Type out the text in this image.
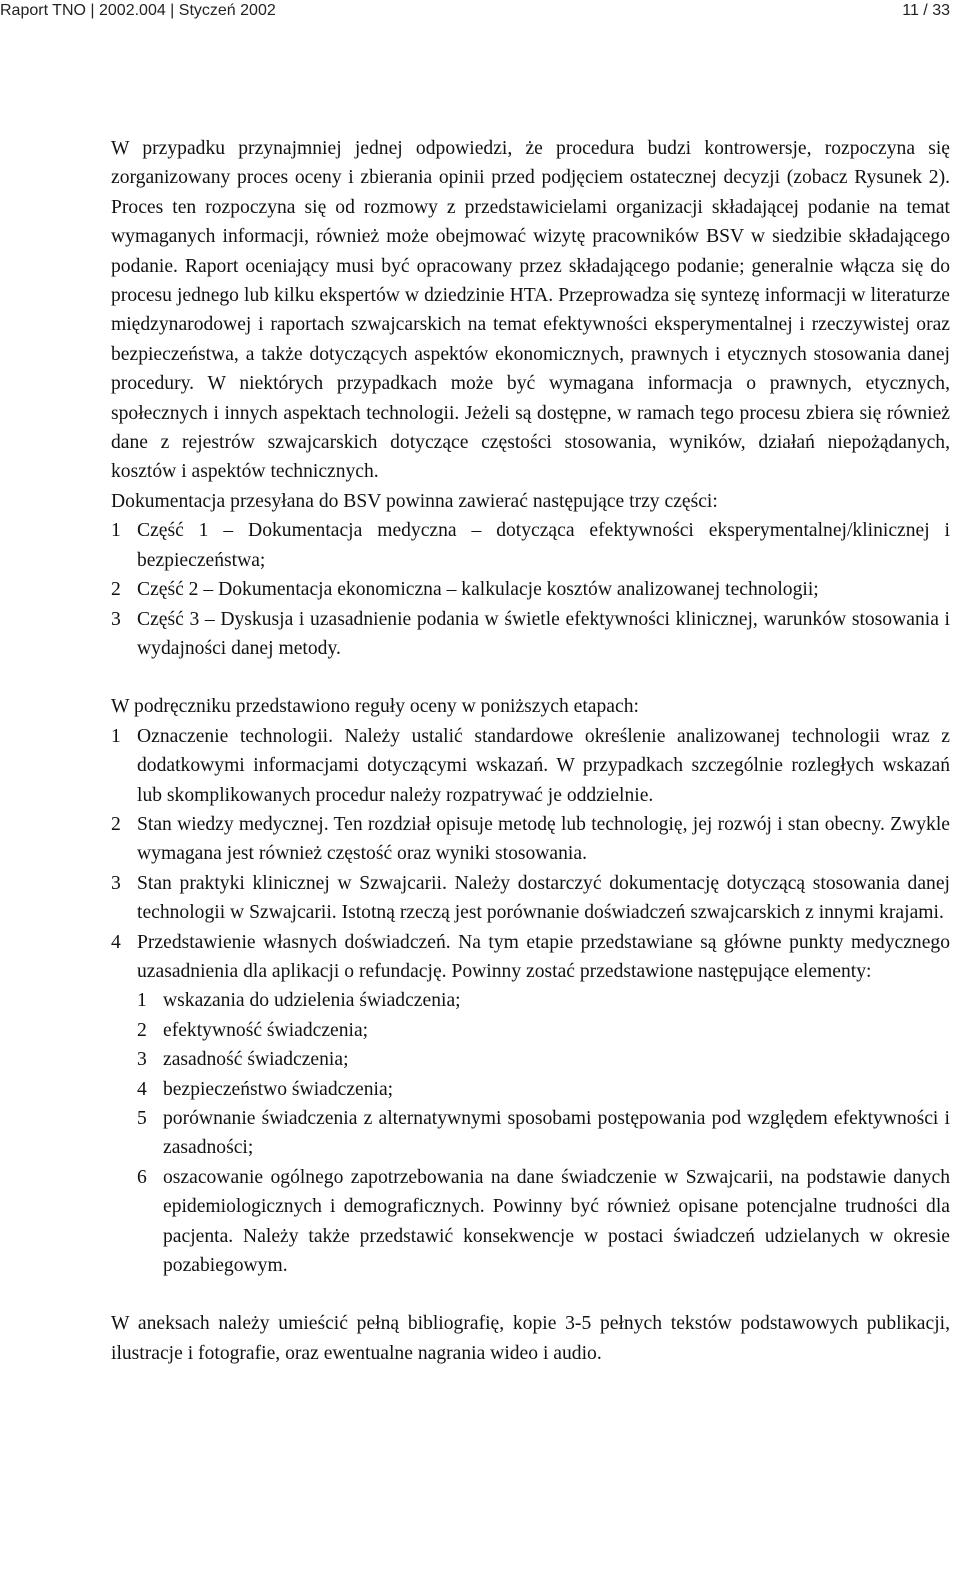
Raport TNO | 2002.004 | Styczeń 2002	11 / 33

W przypadku przynajmniej jednej odpowiedzi, że procedura budzi kontrowersje, rozpoczyna się zorganizowany proces oceny i zbierania opinii przed podjęciem ostatecznej decyzji (zobacz Rysunek 2). Proces ten rozpoczyna się od rozmowy z przedstawicielami organizacji składającej podanie na temat wymaganych informacji, również może obejmować wizytę pracowników BSV w siedzibie składającego podanie. Raport oceniający musi być opracowany przez składającego podanie; generalnie włącza się do procesu jednego lub kilku ekspertów w dziedzinie HTA. Przeprowadza się syntezę informacji w literaturze międzynarodowej i raportach szwajcarskich na temat efektywności eksperymentalnej i rzeczywistej oraz bezpieczeństwa, a także dotyczących aspektów ekonomicznych, prawnych i etycznych stosowania danej procedury. W niektórych przypadkach może być wymagana informacja o prawnych, etycznych, społecznych i innych aspektach technologii. Jeżeli są dostępne, w ramach tego procesu zbiera się również dane z rejestrów szwajcarskich dotyczące częstości stosowania, wyników, działań niepożądanych, kosztów i aspektów technicznych.

Dokumentacja przesyłana do BSV powinna zawierać następujące trzy części:

1 Część 1 – Dokumentacja medyczna – dotycząca efektywności eksperymentalnej/klinicznej i bezpieczeństwa;
2 Część 2 – Dokumentacja ekonomiczna – kalkulacje kosztów analizowanej technologii;
3 Część 3 – Dyskusja i uzasadnienie podania w świetle efektywności klinicznej, warunków stosowania i wydajności danej metody.

W podręczniku przedstawiono reguły oceny w poniższych etapach:

1 Oznaczenie technologii. Należy ustalić standardowe określenie analizowanej technologii wraz z dodatkowymi informacjami dotyczącymi wskazań. W przypadkach szczególnie rozległych wskazań lub skomplikowanych procedur należy rozpatrywać je oddzielnie.
2 Stan wiedzy medycznej. Ten rozdział opisuje metodę lub technologię, jej rozwój i stan obecny. Zwykle wymagana jest również częstość oraz wyniki stosowania.
3 Stan praktyki klinicznej w Szwajcarii. Należy dostarczyć dokumentację dotyczącą stosowania danej technologii w Szwajcarii. Istotną rzeczą jest porównanie doświadczeń szwajcarskich z innymi krajami.
4 Przedstawienie własnych doświadczeń. Na tym etapie przedstawiane są główne punkty medycznego uzasadnienia dla aplikacji o refundację. Powinny zostać przedstawione następujące elementy:
1 wskazania do udzielenia świadczenia;
2 efektywność świadczenia;
3 zasadność świadczenia;
4 bezpieczeństwo świadczenia;
5 porównanie świadczenia z alternatywnymi sposobami postępowania pod względem efektywności i zasadności;
6 oszacowanie ogólnego zapotrzebowania na dane świadczenie w Szwajcarii, na podstawie danych epidemiologicznych i demograficznych. Powinny być również opisane potencjalne trudności dla pacjenta. Należy także przedstawić konsekwencje w postaci świadczeń udzielanych w okresie pozabiegowym.

W aneksach należy umieścić pełną bibliografię, kopie 3-5 pełnych tekstów podstawowych publikacji, ilustracje i fotografie, oraz ewentualne nagrania wideo i audio.
